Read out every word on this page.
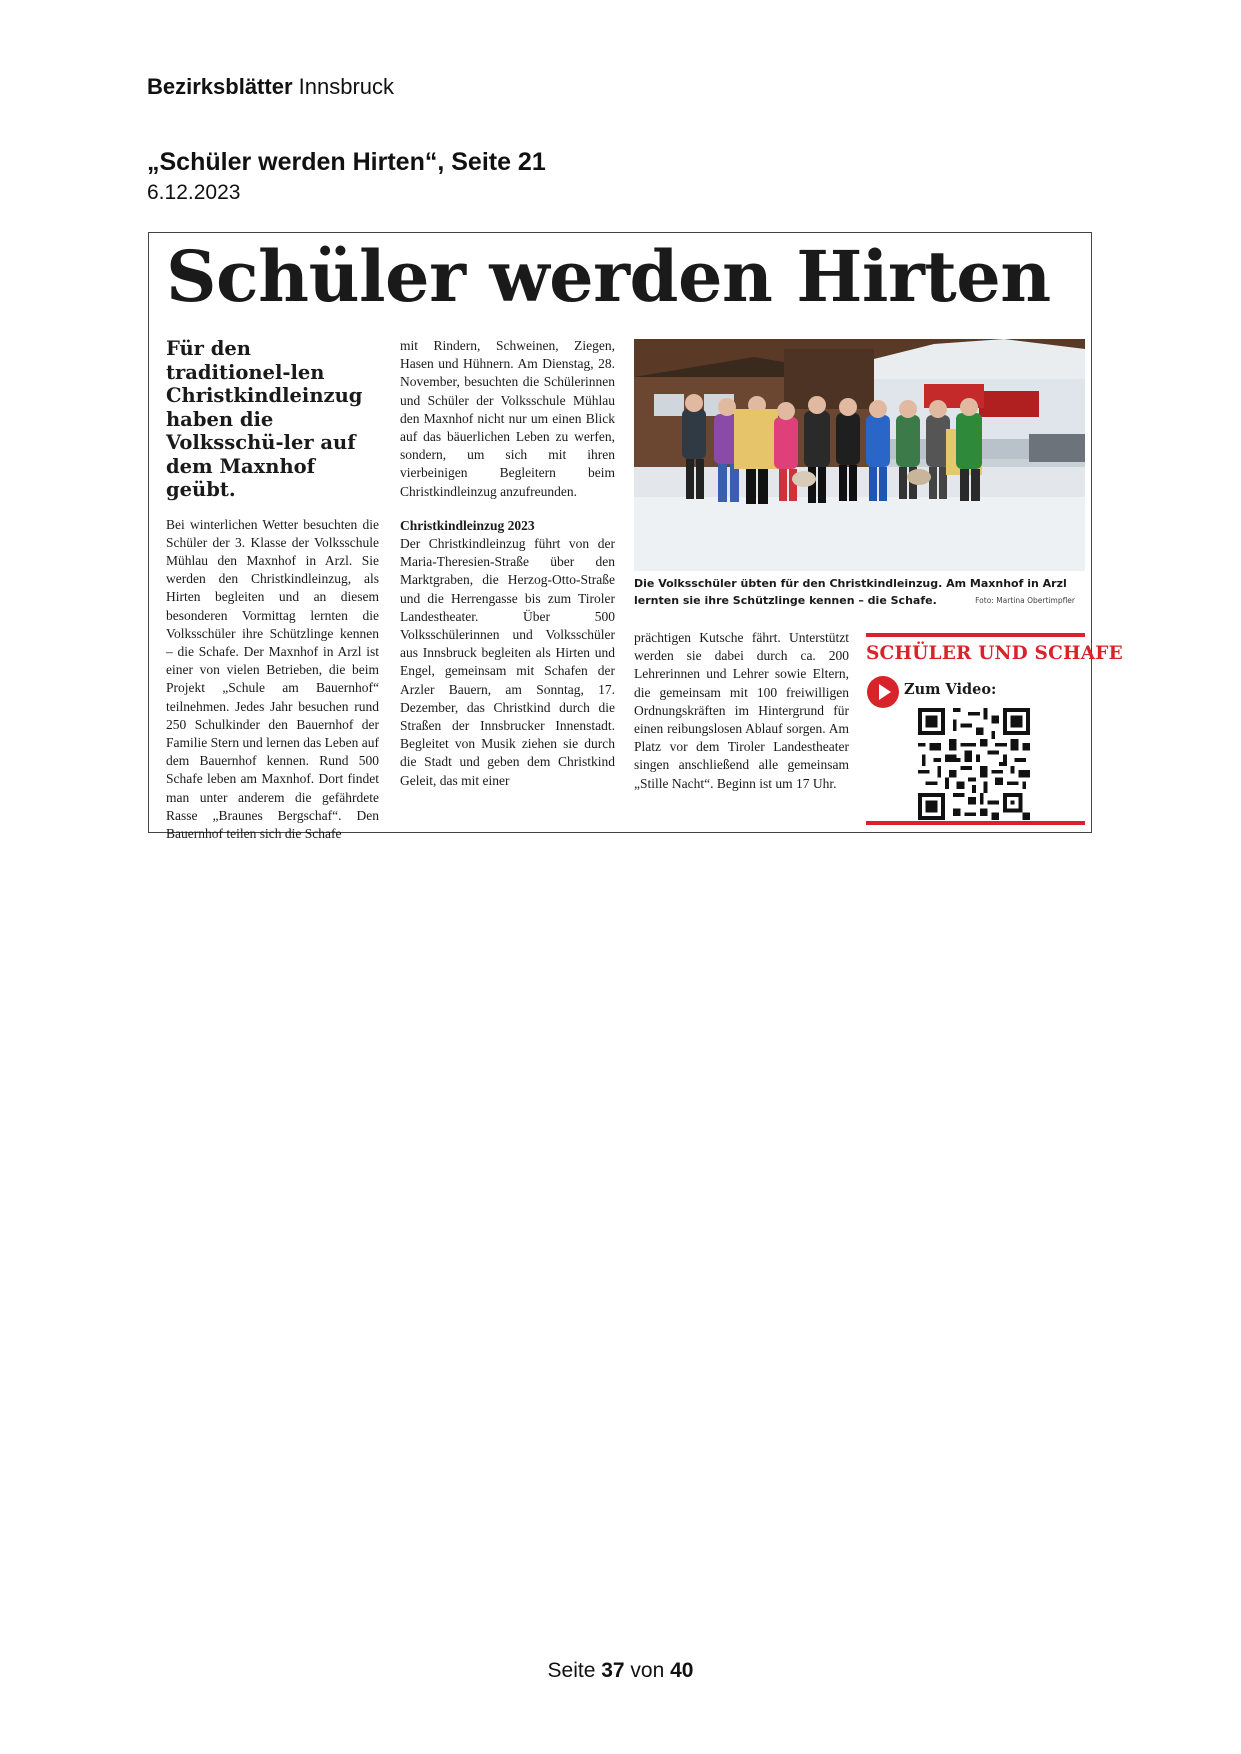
Bezirksblätter Innsbruck
„Schüler werden Hirten“, Seite 21
6.12.2023
Schüler werden Hirten
Für den traditionel-len Christkindleinzug haben die Volksschü-ler auf dem Maxnhof geübt.
Bei winterlichen Wetter besuchten die Schüler der 3. Klasse der Volksschule Mühlau den Maxnhof in Arzl. Sie werden den Christkindleinzug, als Hirten begleiten und an diesem besonderen Vormittag lernten die Volksschüler ihre Schützlinge kennen – die Schafe. Der Maxnhof in Arzl ist einer von vielen Betrieben, die beim Projekt „Schule am Bauernhof“ teilnehmen. Jedes Jahr besuchen rund 250 Schulkinder den Bauernhof der Familie Stern und lernen das Leben auf dem Bauernhof kennen. Rund 500 Schafe leben am Maxnhof. Dort findet man unter anderem die gefährdete Rasse „Braunes Bergschaf“. Den Bauernhof teilen sich die Schafe
mit Rindern, Schweinen, Ziegen, Hasen und Hühnern. Am Dienstag, 28. November, besuchten die Schülerinnen und Schüler der Volksschule Mühlau den Maxnhof nicht nur um einen Blick auf das bäuerlichen Leben zu werfen, sondern, um sich mit ihren vierbeinigen Begleitern beim Christkindleinzug anzufreunden.
Christkindleinzug 2023
Der Christkindleinzug führt von der Maria-Theresien-Straße über den Marktgraben, die Herzog-Otto-Straße und die Herrengasse bis zum Tiroler Landestheater. Über 500 Volksschülerinnen und Volksschüler aus Innsbruck begleiten als Hirten und Engel, gemeinsam mit Schafen der Arzler Bauern, am Sonntag, 17. Dezember, das Christkind durch die Straßen der Innsbrucker Innenstadt. Begleitet von Musik ziehen sie durch die Stadt und geben dem Christkind Geleit, das mit einer
Die Volksschüler übten für den Christkindleinzug. Am Maxnhof in Arzl lernten sie ihre Schützlinge kennen – die Schafe.	Foto: Martina Obertimpfler
prächtigen Kutsche fährt. Unterstützt werden sie dabei durch ca. 200 Lehrerinnen und Lehrer sowie Eltern, die gemeinsam mit 100 freiwilligen Ordnungskräften im Hintergrund für einen reibungslosen Ablauf sorgen. Am Platz vor dem Tiroler Landestheater singen anschließend alle gemeinsam „Stille Nacht“. Beginn ist um 17 Uhr.
SCHÜLER UND SCHAFE
Zum Video:
Seite 37 von 40
